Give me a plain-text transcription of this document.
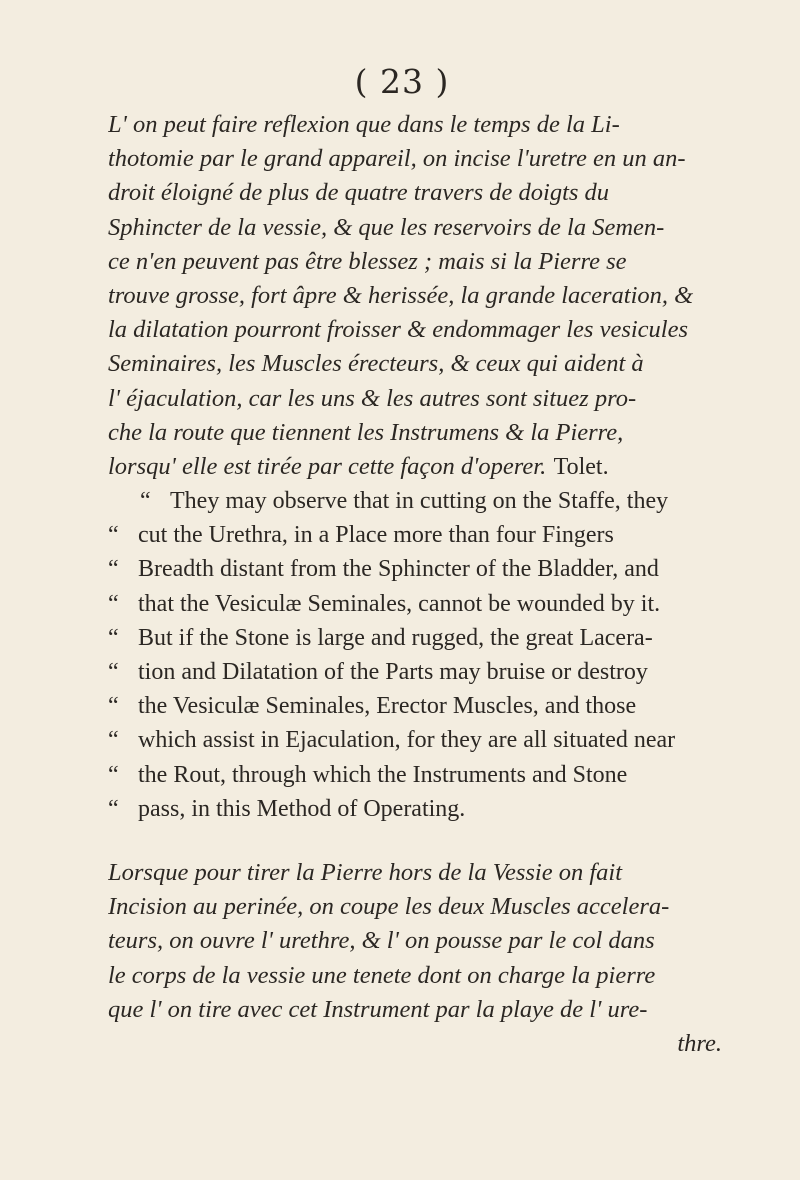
( 23 )
L' on peut faire reflexion que dans le temps de la Li-
thotomie par le grand appareil, on incise l'uretre en un an-
droit éloigné de plus de quatre travers de doigts du
Sphincter de la vessie, & que les reservoirs de la Semen-
ce n'en peuvent pas être blessez ; mais si la Pierre se
trouve grosse, fort âpre & herissée, la grande laceration, &
la dilatation pourront froisser & endommager les vesicules
Seminaires, les Muscles érecteurs, & ceux qui aident à
l' éjaculation, car les uns & les autres sont situez pro-
che la route que tiennent les Instrumens & la Pierre,
lorsqu' elle est tirée par cette façon d'operer. Tolet.
“ They may observe that in cutting on the Staffe, they
“ cut the Urethra, in a Place more than four Fingers
“ Breadth distant from the Sphincter of the Bladder, and
“ that the Vesiculæ Seminales, cannot be wounded by it.
“ But if the Stone is large and rugged, the great Lacera-
“ tion and Dilatation of the Parts may bruise or destroy
“ the Vesiculæ Seminales, Erector Muscles, and those
“ which assist in Ejaculation, for they are all situated near
“ the Rout, through which the Instruments and Stone
“ pass, in this Method of Operating.
Lorsque pour tirer la Pierre hors de la Vessie on fait
Incision au perinée, on coupe les deux Muscles accelera-
teurs, on ouvre l' urethre, & l' on pousse par le col dans
le corps de la vessie une tenete dont on charge la pierre
que l' on tire avec cet Instrument par la playe de l' ure-
thre.
